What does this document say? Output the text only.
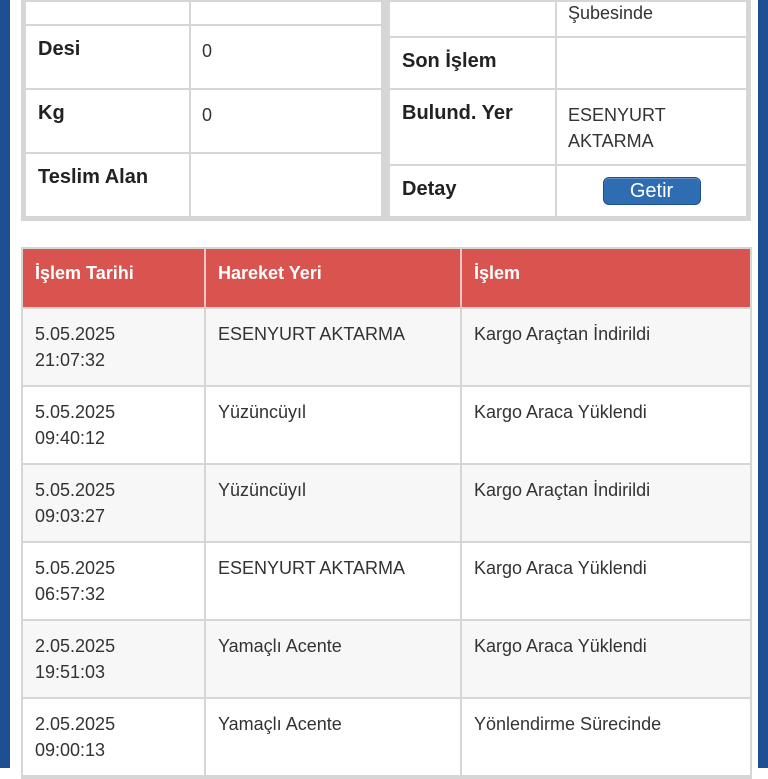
Desi	0
Kg	0
Teslim Alan	
	Şubesinde
Son İşlem	
Bulund. Yer	ESENYURT
AKTARMA

Detay	Getir
İşlem Tarihi	Hareket Yeri	İşlem

5.05.2025
21:07:32	ESENYURT AKTARMA	Kargo Araçtan İndirildi

5.05.2025
09:40:12	Yüzüncüyıl	Kargo Araca Yüklendi

5.05.2025
09:03:27	Yüzüncüyıl	Kargo Araçtan İndirildi

5.05.2025
06:57:32	ESENYURT AKTARMA	Kargo Araca Yüklendi

2.05.2025
19:51:03	Yamaçlı Acente	Kargo Araca Yüklendi

2.05.2025
09:00:13	Yamaçlı Acente	Yönlendirme Sürecinde
